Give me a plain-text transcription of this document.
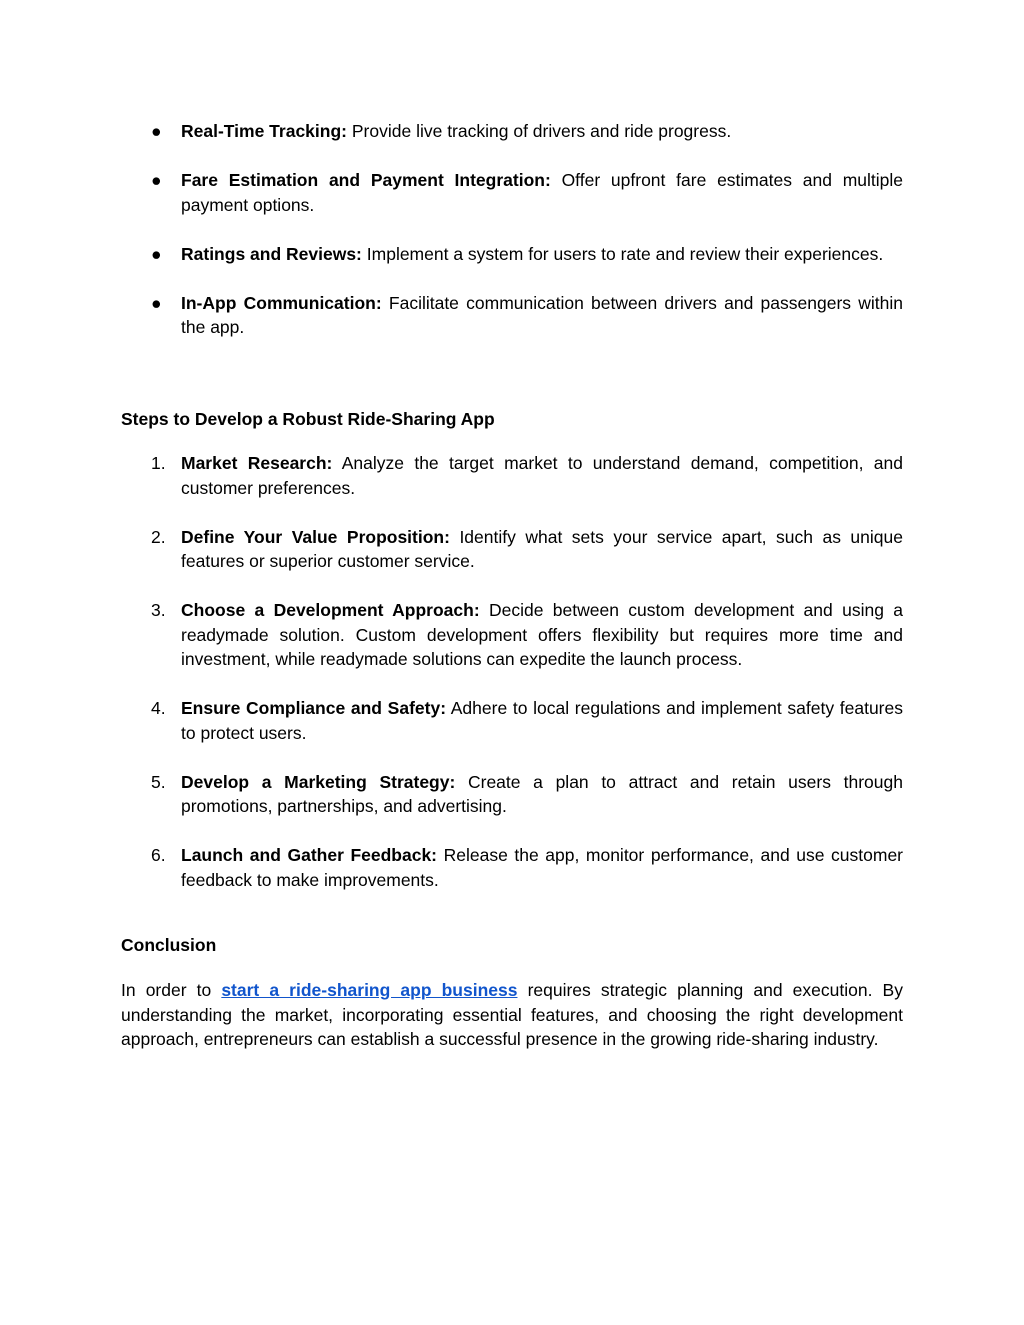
●	Real-Time Tracking: Provide live tracking of drivers and ride progress.
●	Fare Estimation and Payment Integration: Offer upfront fare estimates and multiple payment options.
●	Ratings and Reviews: Implement a system for users to rate and review their experiences.
●	In-App Communication: Facilitate communication between drivers and passengers within the app.
Steps to Develop a Robust Ride-Sharing App
1. Market Research: Analyze the target market to understand demand, competition, and customer preferences.
2. Define Your Value Proposition: Identify what sets your service apart, such as unique features or superior customer service.
3. Choose a Development Approach: Decide between custom development and using a readymade solution. Custom development offers flexibility but requires more time and investment, while readymade solutions can expedite the launch process.
4. Ensure Compliance and Safety: Adhere to local regulations and implement safety features to protect users.
5. Develop a Marketing Strategy: Create a plan to attract and retain users through promotions, partnerships, and advertising.
6. Launch and Gather Feedback: Release the app, monitor performance, and use customer feedback to make improvements.
Conclusion

In order to start a ride-sharing app business requires strategic planning and execution. By understanding the market, incorporating essential features, and choosing the right development approach, entrepreneurs can establish a successful presence in the growing ride-sharing industry.
